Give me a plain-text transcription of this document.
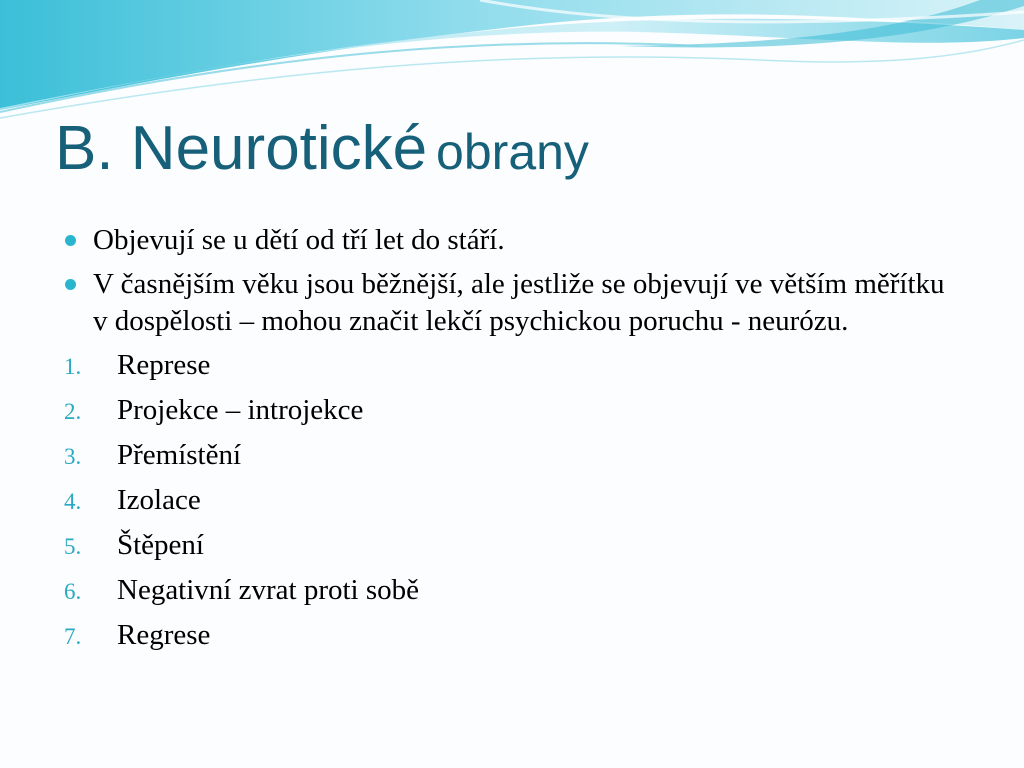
B. Neurotické obrany
Objevují se u dětí od tří let do stáří.
V časnějším věku jsou běžnější, ale jestliže se objevují ve větším měřítku v dospělosti – mohou značit lekčí psychickou poruchu - neurózu.
1. Represe
2. Projekce – introjekce
3. Přemístění
4. Izolace
5. Štěpení
6. Negativní zvrat proti sobě
7. Regrese
